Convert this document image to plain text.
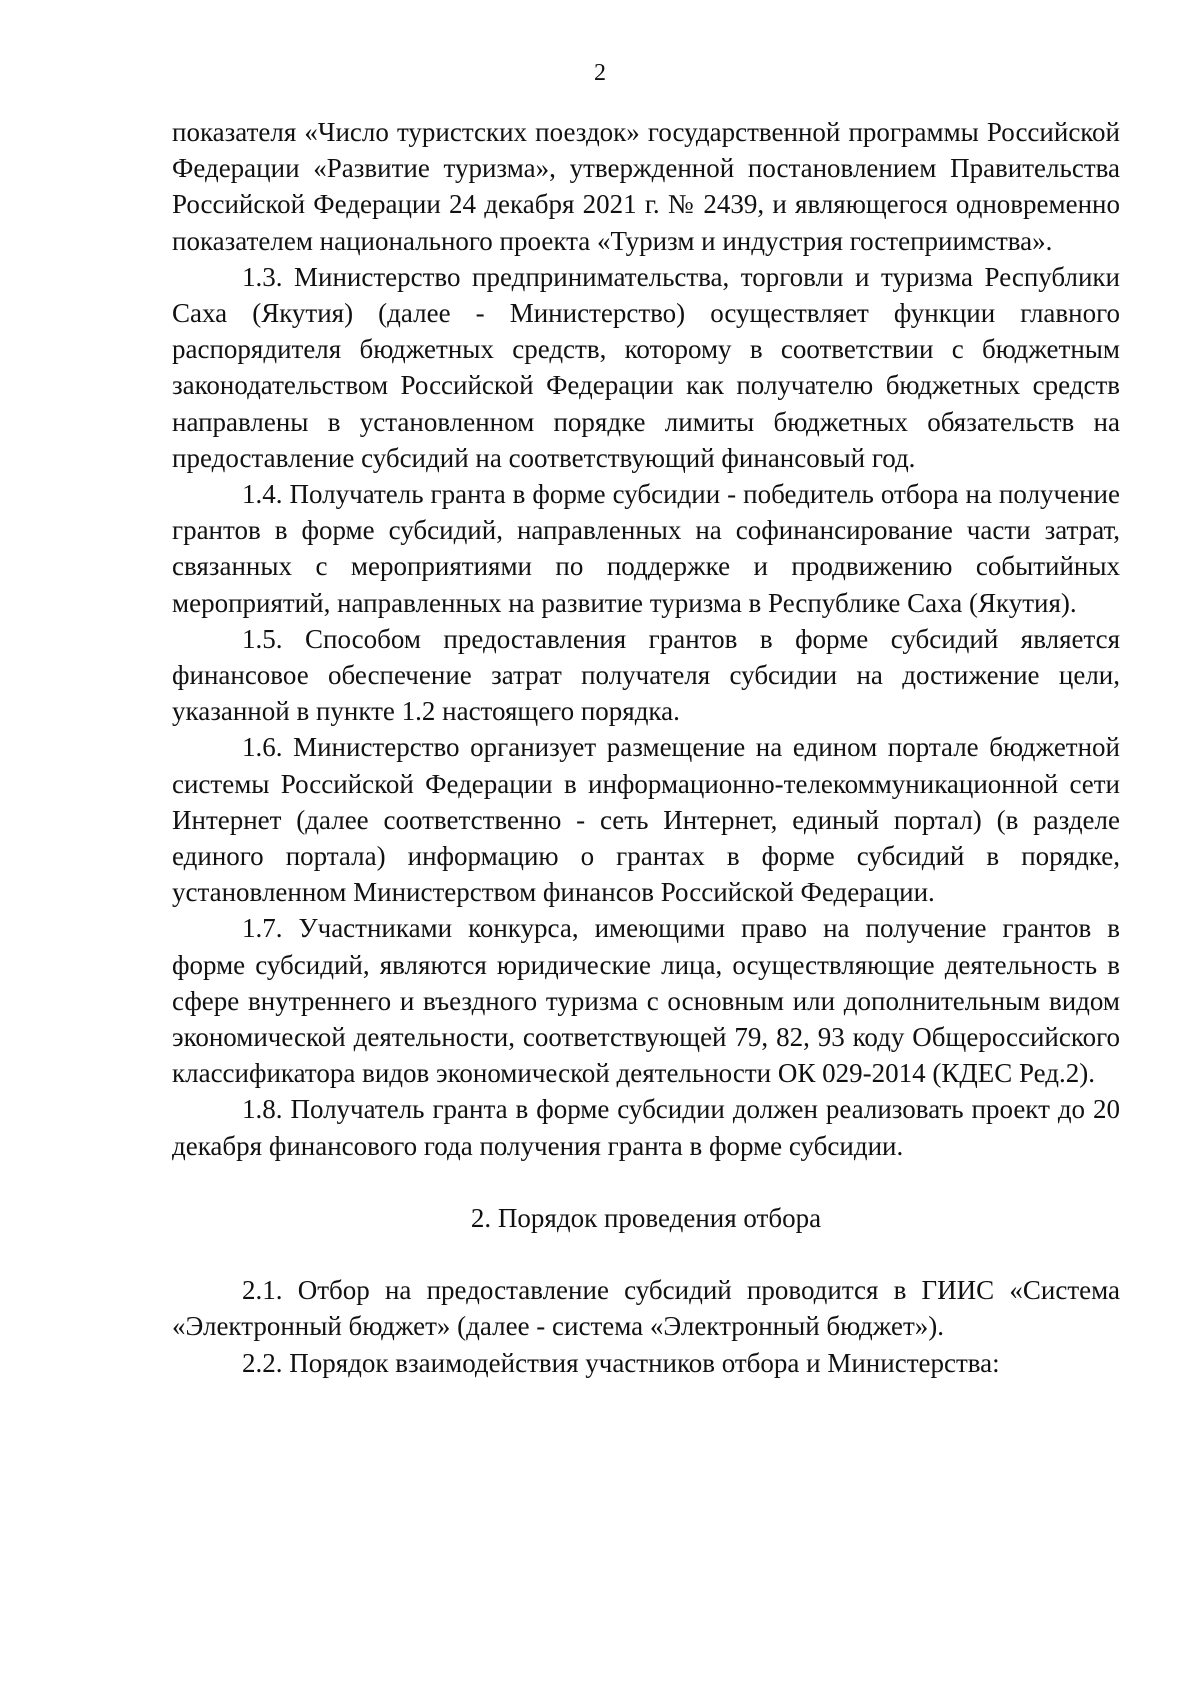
2

показателя «Число туристских поездок» государственной программы Российской Федерации «Развитие туризма», утвержденной постановлением Правительства Российской Федерации 24 декабря 2021 г. № 2439, и являющегося одновременно показателем национального проекта «Туризм и индустрия гостеприимства».

1.3. Министерство предпринимательства, торговли и туризма Республики Саха (Якутия) (далее - Министерство) осуществляет функции главного распорядителя бюджетных средств, которому в соответствии с бюджетным законодательством Российской Федерации как получателю бюджетных средств направлены в установленном порядке лимиты бюджетных обязательств на предоставление субсидий на соответствующий финансовый год.

1.4. Получатель гранта в форме субсидии - победитель отбора на получение грантов в форме субсидий, направленных на софинансирование части затрат, связанных с мероприятиями по поддержке и продвижению событийных мероприятий, направленных на развитие туризма в Республике Саха (Якутия).

1.5. Способом предоставления грантов в форме субсидий является финансовое обеспечение затрат получателя субсидии на достижение цели, указанной в пункте 1.2 настоящего порядка.

1.6. Министерство организует размещение на едином портале бюджетной системы Российской Федерации в информационно-телекоммуникационной сети Интернет (далее соответственно - сеть Интернет, единый портал) (в разделе единого портала) информацию о грантах в форме субсидий в порядке, установленном Министерством финансов Российской Федерации.

1.7. Участниками конкурса, имеющими право на получение грантов в форме субсидий, являются юридические лица, осуществляющие деятельность в сфере внутреннего и въездного туризма с основным или дополнительным видом экономической деятельности, соответствующей 79, 82, 93 коду Общероссийского классификатора видов экономической деятельности ОК 029-2014 (КДЕС Ред.2).

1.8. Получатель гранта в форме субсидии должен реализовать проект до 20 декабря финансового года получения гранта в форме субсидии.

2. Порядок проведения отбора

2.1. Отбор на предоставление субсидий проводится в ГИИС «Система «Электронный бюджет» (далее - система «Электронный бюджет»).

2.2. Порядок взаимодействия участников отбора и Министерства:
